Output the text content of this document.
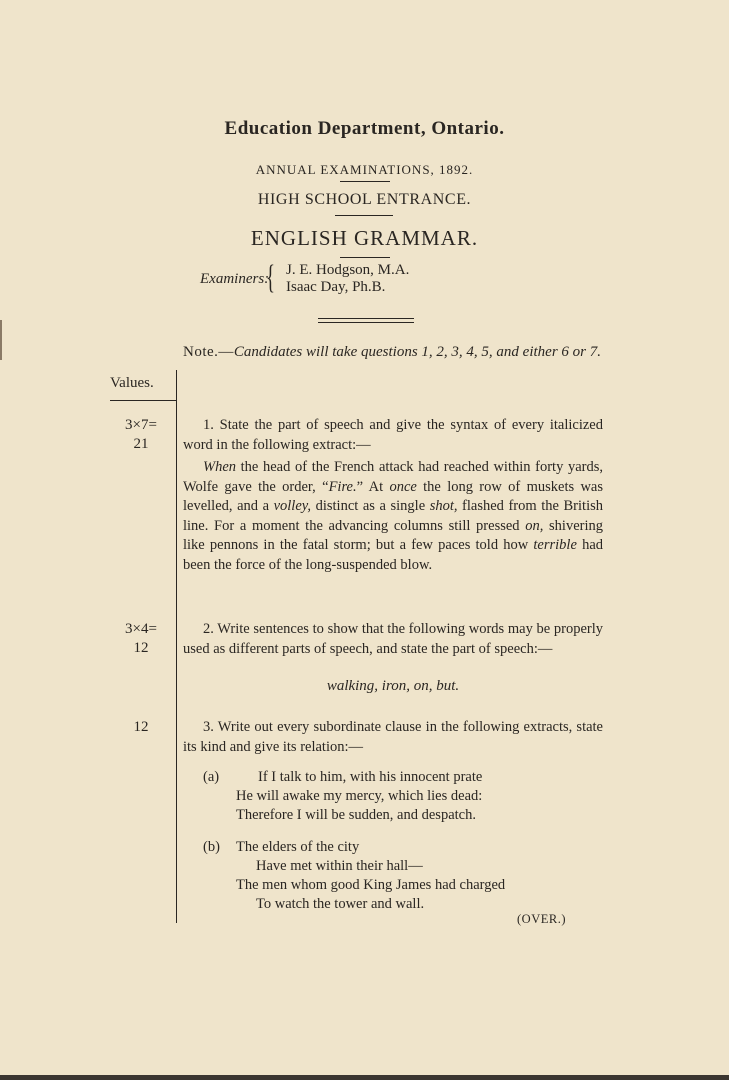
Education Department, Ontario.
ANNUAL EXAMINATIONS, 1892.
HIGH SCHOOL ENTRANCE.
ENGLISH GRAMMAR.
Examiners:
{ J. E. Hodgson, M.A.
Isaac Day, Ph.B.
Note.—Candidates will take questions 1, 2, 3, 4, 5, and either 6 or 7.
Values.
3×7=
21

1. State the part of speech and give the syntax of every italicized word in the following extract:—

When the head of the French attack had reached within forty yards, Wolfe gave the order, “Fire.” At once the long row of muskets was levelled, and a volley, distinct as a single shot, flashed from the British line. For a moment the advancing columns still pressed on, shivering like pennons in the fatal storm; but a few paces told how terrible had been the force of the long-suspended blow.

3×4=
12

2. Write sentences to show that the following words may be properly used as different parts of speech, and state the part of speech:—

walking, iron, on, but.
12	3. Write out every subordinate clause in the following extracts, state its kind and give its relation:—

(a)	If I talk to him, with his innocent prate
He will awake my mercy, which lies dead:
Therefore I will be sudden, and despatch.
(b) The elders of the city
Have met within their hall—
The men whom good King James had charged
To watch the tower and wall.
(OVER.)
